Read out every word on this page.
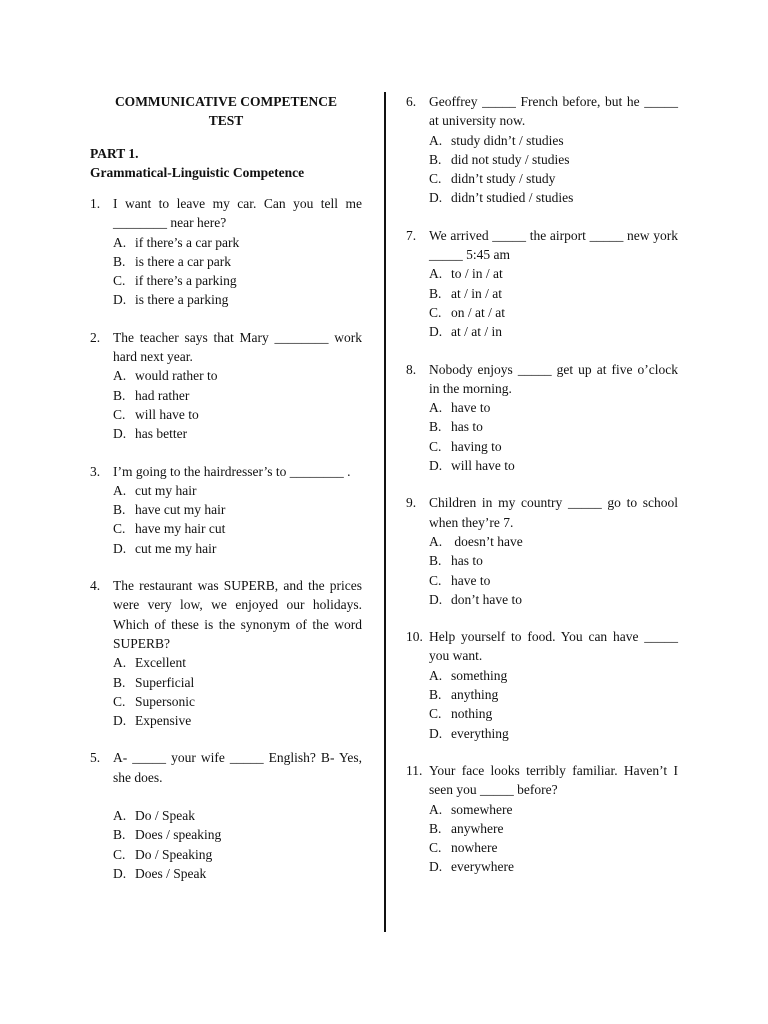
COMMUNICATIVE COMPETENCE
TEST
PART 1.
Grammatical-Linguistic Competence
1. I want to leave my car. Can you tell me ________ near here?
A. if there’s a car park
B. is there a car park
C. if there’s a parking
D. is there a parking
2. The teacher says that Mary ________ work hard next year.
A. would rather to
B. had rather
C. will have to
D. has better
3. I’m going to the hairdresser’s to ________ .
A. cut my hair
B. have cut my hair
C. have my hair cut
D. cut me my hair
4. The restaurant was SUPERB, and the prices were very low, we enjoyed our holidays. Which of these is the synonym of the word SUPERB?
A. Excellent
B. Superficial
C. Supersonic
D. Expensive
5. A- _____ your wife _____ English? B- Yes, she does.
A. Do / Speak
B. Does / speaking
C. Do / Speaking
D. Does / Speak
6. Geoffrey _____ French before, but he _____ at university now.
A. study didn’t / studies
B. did not study / studies
C. didn’t study / study
D. didn’t studied / studies
7. We arrived _____ the airport _____ new york _____ 5:45 am
A. to / in / at
B. at / in / at
C. on / at / at
D. at / at / in
8. Nobody enjoys _____ get up at five o’clock in the morning.
A. have to
B. has to
C. having to
D. will have to
9. Children in my country _____ go to school when they’re 7.
A. doesn’t have
B. has to
C. have to
D. don’t have to
10. Help yourself to food. You can have _____ you want.
A. something
B. anything
C. nothing
D. everything
11. Your face looks terribly familiar. Haven’t I seen you _____ before?
A. somewhere
B. anywhere
C. nowhere
D. everywhere
